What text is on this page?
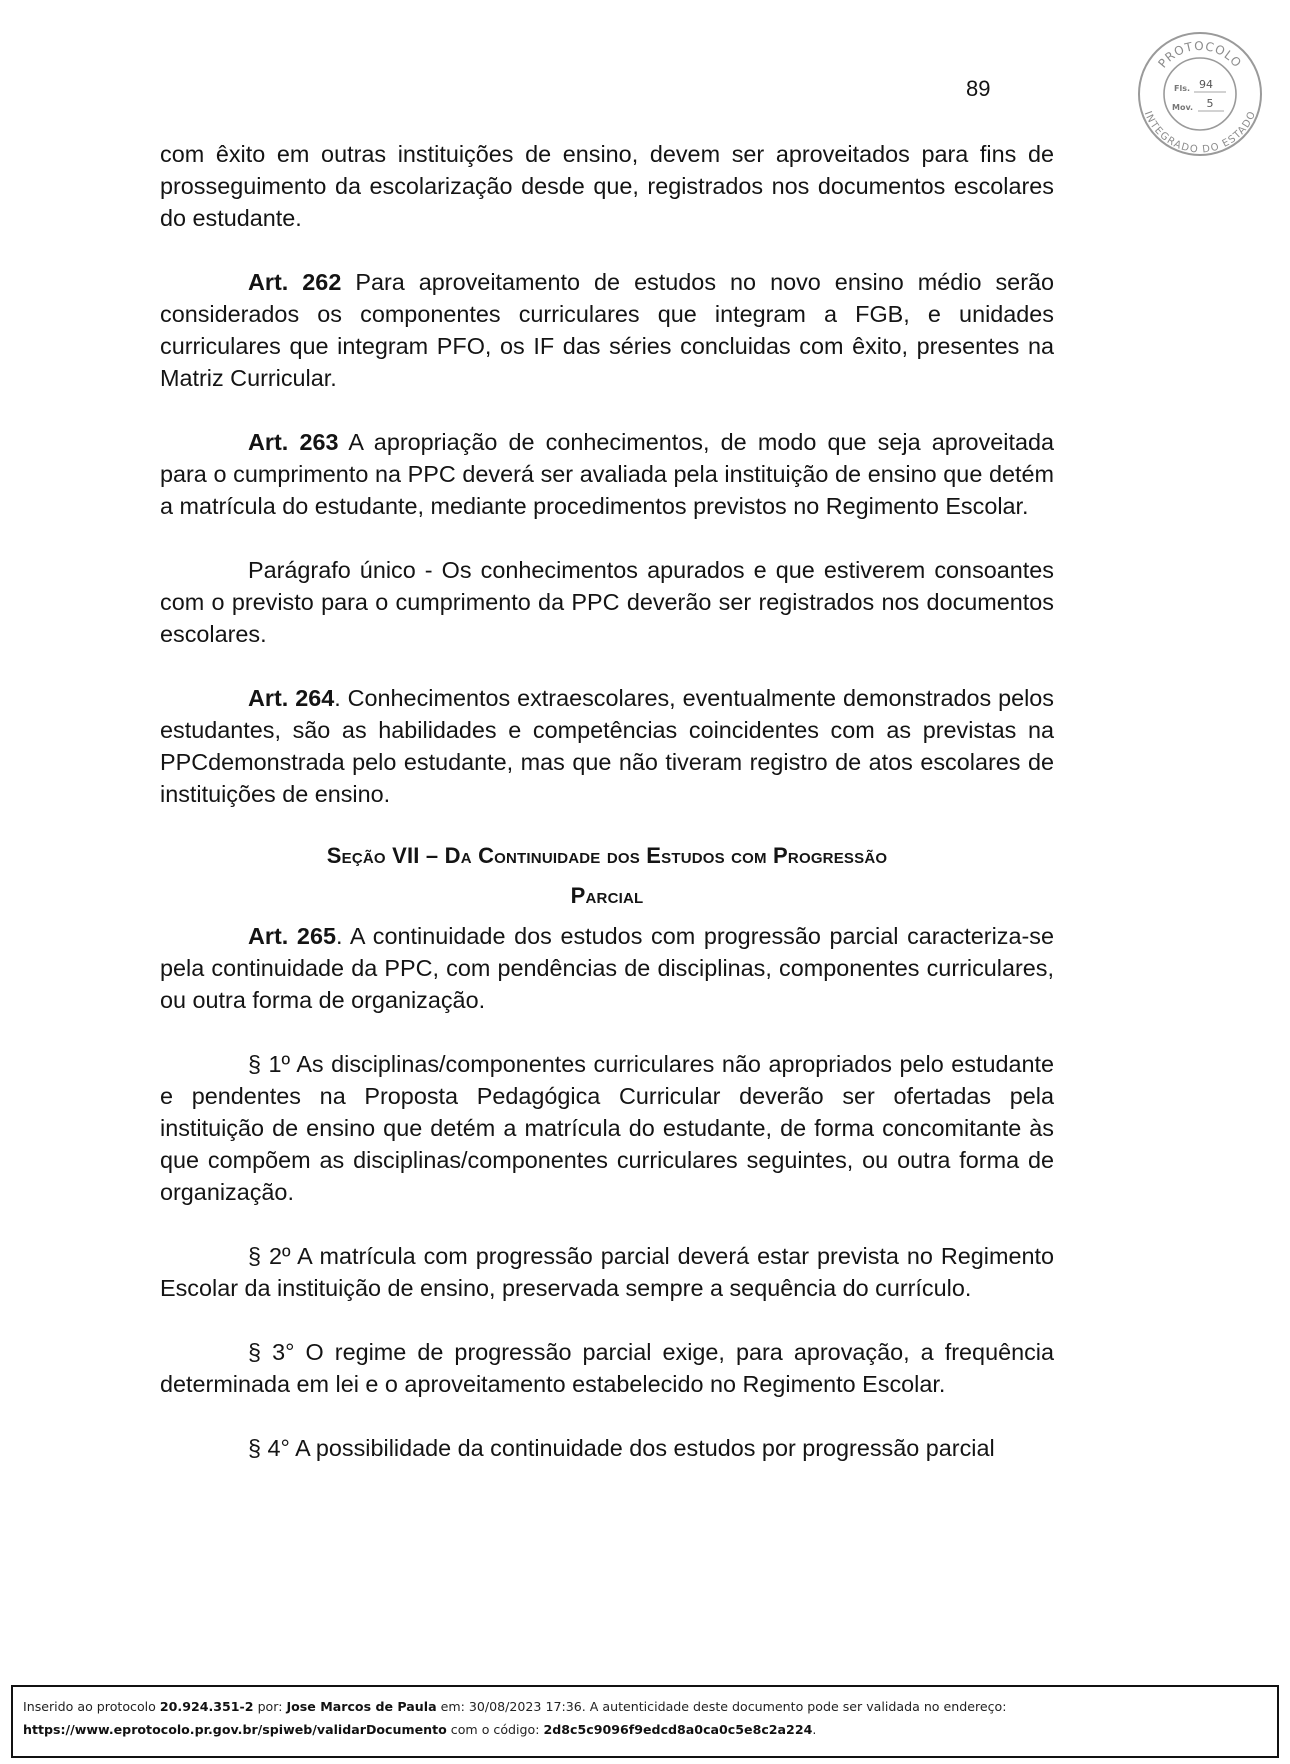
89
PROTOCOLO
INTEGRADO DO ESTADO
Fls. 94
Mov. 5

com êxito em outras instituições de ensino, devem ser aproveitados para fins de prosseguimento da escolarização desde que, registrados nos documentos escolares do estudante.

Art. 262 Para aproveitamento de estudos no novo ensino médio serão considerados os componentes curriculares que integram a FGB, e unidades curriculares que integram PFO, os IF das séries concluidas com êxito, presentes na Matriz Curricular.

Art. 263 A apropriação de conhecimentos, de modo que seja aproveitada para o cumprimento na PPC deverá ser avaliada pela instituição de ensino que detém a matrícula do estudante, mediante procedimentos previstos no Regimento Escolar.

Parágrafo único - Os conhecimentos apurados e que estiverem consoantes com o previsto para o cumprimento da PPC deverão ser registrados nos documentos escolares.

Art. 264. Conhecimentos extraescolares, eventualmente demonstrados pelos estudantes, são as habilidades e competências coincidentes com as previstas na PPCdemonstrada pelo estudante, mas que não tiveram registro de atos escolares de instituições de ensino.

Seção VII – Da Continuidade dos Estudos com Progressão
Parcial

Art. 265. A continuidade dos estudos com progressão parcial caracteriza-se pela continuidade da PPC, com pendências de disciplinas, componentes curriculares, ou outra forma de organização.

§ 1º As disciplinas/componentes curriculares não apropriados pelo estudante e pendentes na Proposta Pedagógica Curricular deverão ser ofertadas pela instituição de ensino que detém a matrícula do estudante, de forma concomitante às que compõem as disciplinas/componentes curriculares seguintes, ou outra forma de organização.

§ 2º A matrícula com progressão parcial deverá estar prevista no Regimento Escolar da instituição de ensino, preservada sempre a sequência do currículo.

§ 3° O regime de progressão parcial exige, para aprovação, a frequência determinada em lei e o aproveitamento estabelecido no Regimento Escolar.

§ 4° A possibilidade da continuidade dos estudos por progressão parcial

Inserido ao protocolo 20.924.351-2 por: Jose Marcos de Paula em: 30/08/2023 17:36. A autenticidade deste documento pode ser validada no endereço:
https://www.eprotocolo.pr.gov.br/spiweb/validarDocumento com o código: 2d8c5c9096f9edcd8a0ca0c5e8c2a224.
